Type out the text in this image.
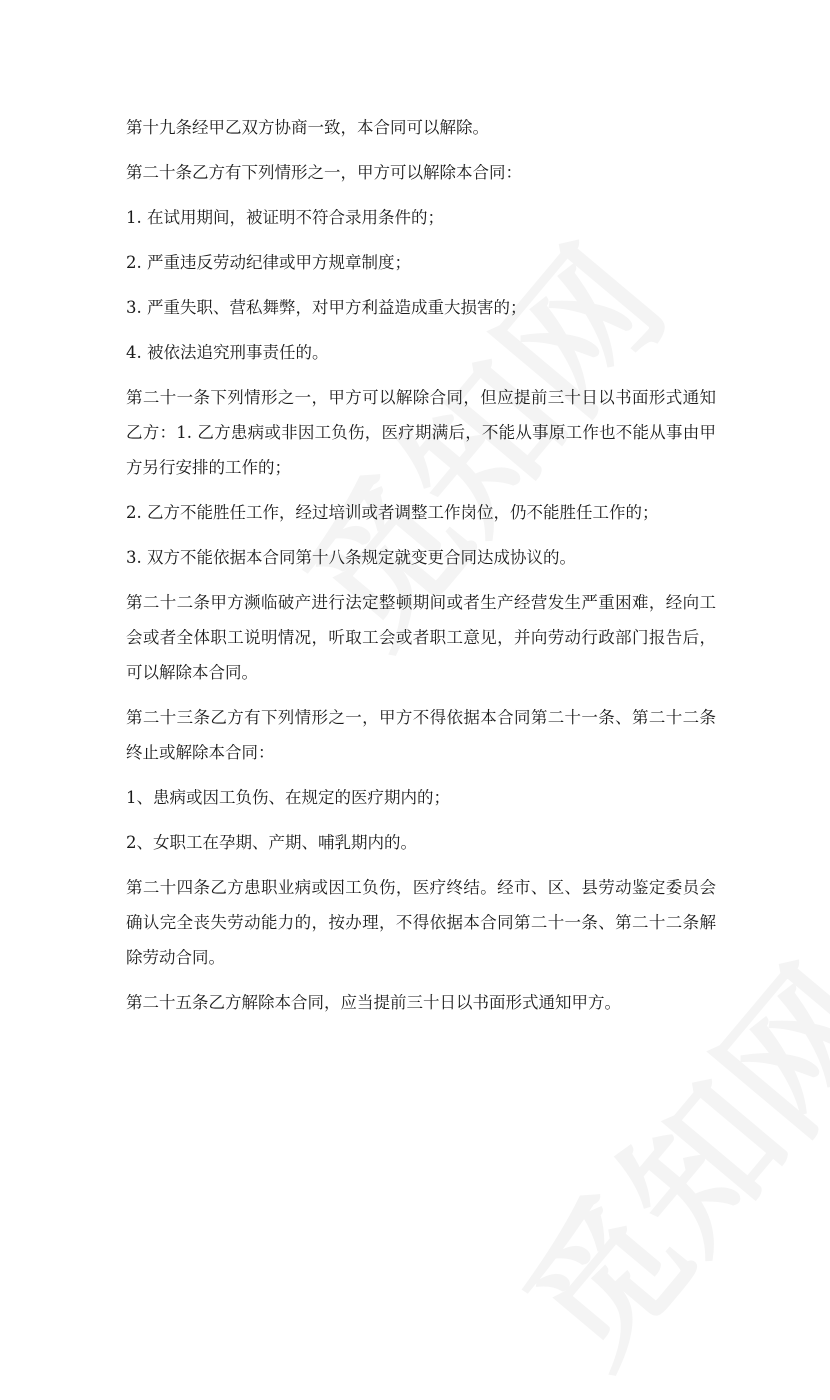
第十九条经甲乙双方协商一致，本合同可以解除。

第二十条乙方有下列情形之一，甲方可以解除本合同：

1. 在试用期间，被证明不符合录用条件的；

2. 严重违反劳动纪律或甲方规章制度；

3. 严重失职、营私舞弊，对甲方利益造成重大损害的；

4. 被依法追究刑事责任的。

第二十一条下列情形之一，甲方可以解除合同，但应提前三十日以书面形式通知乙方：1. 乙方患病或非因工负伤，医疗期满后，不能从事原工作也不能从事由甲方另行安排的工作的；

2. 乙方不能胜任工作，经过培训或者调整工作岗位，仍不能胜任工作的；

3. 双方不能依据本合同第十八条规定就变更合同达成协议的。

第二十二条甲方濒临破产进行法定整顿期间或者生产经营发生严重困难，经向工会或者全体职工说明情况，听取工会或者职工意见，并向劳动行政部门报告后，可以解除本合同。

第二十三条乙方有下列情形之一，甲方不得依据本合同第二十一条、第二十二条终止或解除本合同：

1、患病或因工负伤、在规定的医疗期内的；

2、女职工在孕期、产期、哺乳期内的。

第二十四条乙方患职业病或因工负伤，医疗终结。经市、区、县劳动鉴定委员会确认完全丧失劳动能力的，按办理，不得依据本合同第二十一条、第二十二条解除劳动合同。

第二十五条乙方解除本合同，应当提前三十日以书面形式通知甲方。
